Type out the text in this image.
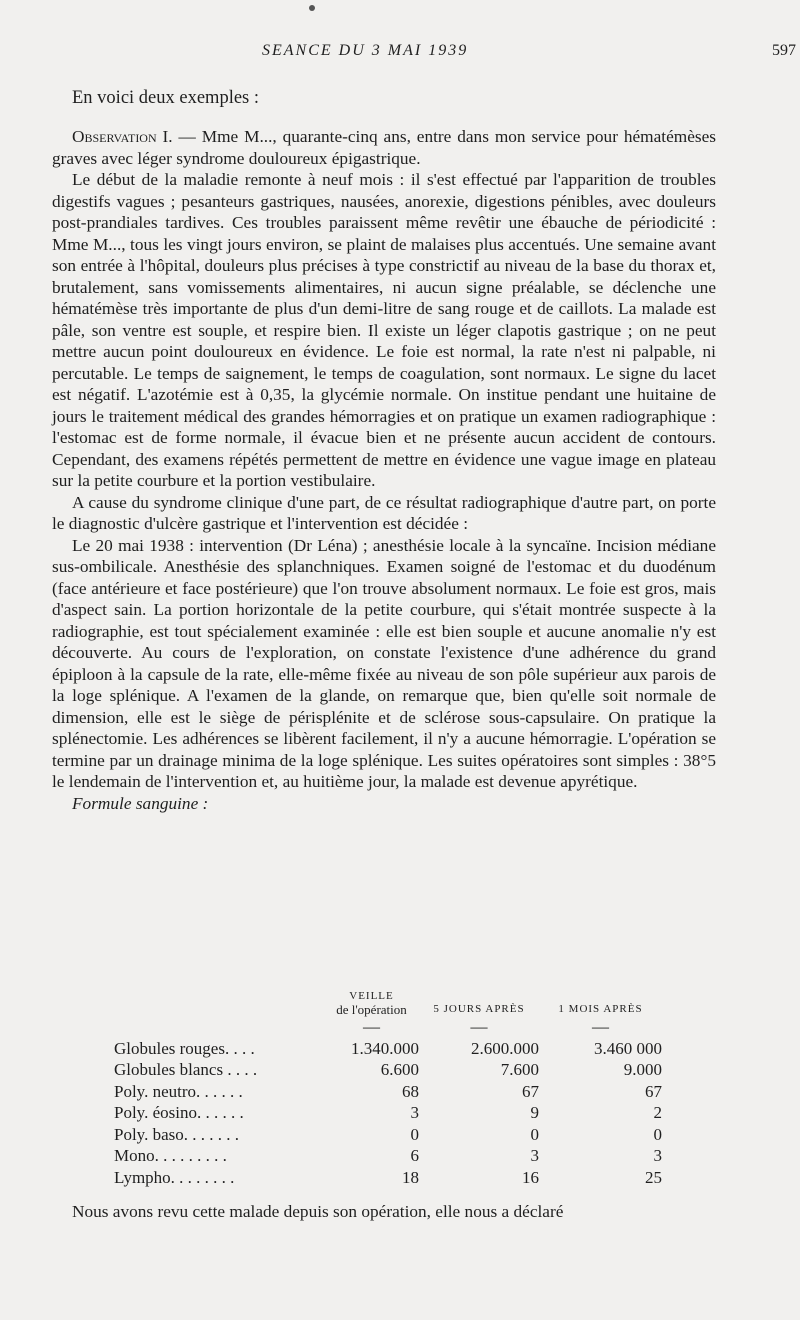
SEANCE DU 3 MAI 1939	597

En voici deux exemples :

Observation I. — Mme M..., quarante-cinq ans, entre dans mon service pour hématémèses graves avec léger syndrome douloureux épigastrique.

Le début de la maladie remonte à neuf mois : il s'est effectué par l'apparition de troubles digestifs vagues ; pesanteurs gastriques, nausées, anorexie, digestions pénibles, avec douleurs post-prandiales tardives. Ces troubles paraissent même revêtir une ébauche de périodicité : Mme M..., tous les vingt jours environ, se plaint de malaises plus accentués. Une semaine avant son entrée à l'hôpital, douleurs plus précises à type constrictif au niveau de la base du thorax et, brutalement, sans vomissements alimentaires, ni aucun signe préalable, se déclenche une hématémèse très importante de plus d'un demi-litre de sang rouge et de caillots. La malade est pâle, son ventre est souple, et respire bien. Il existe un léger clapotis gastrique ; on ne peut mettre aucun point douloureux en évidence. Le foie est normal, la rate n'est ni palpable, ni percutable. Le temps de saignement, le temps de coagulation, sont normaux. Le signe du lacet est négatif. L'azotémie est à 0,35, la glycémie normale. On institue pendant une huitaine de jours le traitement médical des grandes hémorragies et on pratique un examen radiographique : l'estomac est de forme normale, il évacue bien et ne présente aucun accident de contours. Cependant, des examens répétés permettent de mettre en évidence une vague image en plateau sur la petite courbure et la portion vestibulaire.

A cause du syndrome clinique d'une part, de ce résultat radiographique d'autre part, on porte le diagnostic d'ulcère gastrique et l'intervention est décidée :

Le 20 mai 1938 : intervention (Dr Léna) ; anesthésie locale à la syncaïne. Incision médiane sus-ombilicale. Anesthésie des splanchniques. Examen soigné de l'estomac et du duodénum (face antérieure et face postérieure) que l'on trouve absolument normaux. Le foie est gros, mais d'aspect sain. La portion horizontale de la petite courbure, qui s'était montrée suspecte à la radiographie, est tout spécialement examinée : elle est bien souple et aucune anomalie n'y est découverte. Au cours de l'exploration, on constate l'existence d'une adhérence du grand épiploon à la capsule de la rate, elle-même fixée au niveau de son pôle supérieur aux parois de la loge splénique. A l'examen de la glande, on remarque que, bien qu'elle soit normale de dimension, elle est le siège de périsplénite et de sclérose sous-capsulaire. On pratique la splénectomie. Les adhérences se libèrent facilement, il n'y a aucune hémorragie. L'opération se termine par un drainage minima de la loge splénique. Les suites opératoires sont simples : 38°5 le lendemain de l'intervention et, au huitième jour, la malade est devenue apyrétique.

Formule sanguine :

	VEILLE
de l'opération	5 JOURS APRÈS	1 MOIS APRÈS
	—	—	—
Globules rouges. . . .	1.340.000	2.600.000	3.460 000
Globules blancs . . . .	6.600	7.600	9.000
Poly. neutro. . . . . .	68	67	67
Poly. éosino. . . . . .	3	9	2
Poly. baso. . . . . . .	0	0	0
Mono. . . . . . . . .	6	3	3
Lympho. . . . . . . .	18	16	25

Nous avons revu cette malade depuis son opération, elle nous a déclaré
